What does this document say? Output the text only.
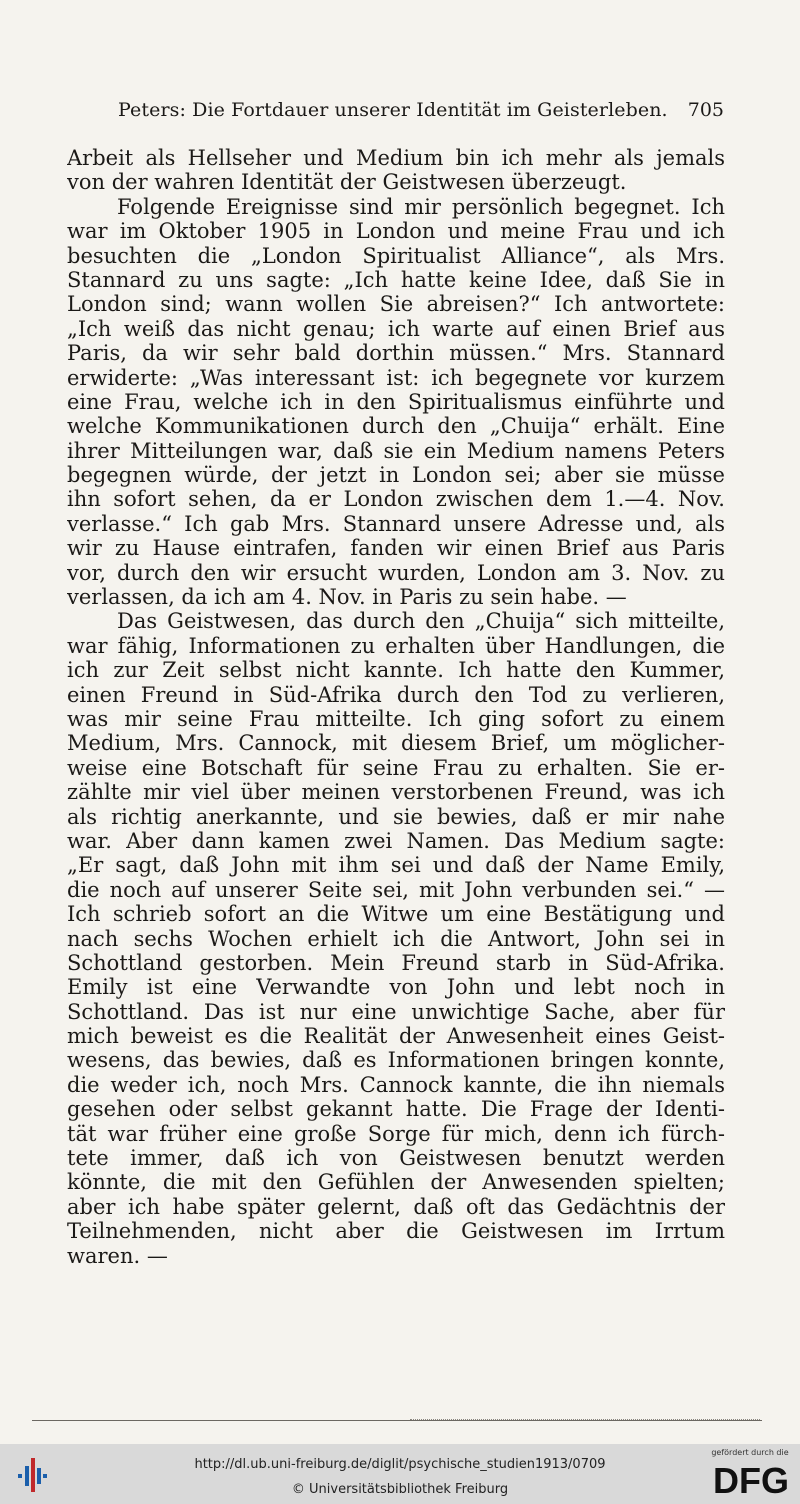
Peters: Die Fortdauer unserer Identität im Geisterleben. 705
Arbeit als Hellseher und Medium bin ich mehr als jemals
von der wahren Identität der Geistwesen überzeugt.
Folgende Ereignisse sind mir persönlich begegnet. Ich
war im Oktober 1905 in London und meine Frau und ich
besuchten die „London Spiritualist Alliance“, als Mrs.
Stannard zu uns sagte: „Ich hatte keine Idee, daß Sie in
London sind; wann wollen Sie abreisen?“ Ich antwortete:
„Ich weiß das nicht genau; ich warte auf einen Brief aus
Paris, da wir sehr bald dorthin müssen.“ Mrs. Stannard
erwiderte: „Was interessant ist: ich begegnete vor kurzem
eine Frau, welche ich in den Spiritualismus einführte und
welche Kommunikationen durch den „Chuija“ erhält. Eine
ihrer Mitteilungen war, daß sie ein Medium namens Peters
begegnen würde, der jetzt in London sei; aber sie müsse
ihn sofort sehen, da er London zwischen dem 1.—4. Nov.
verlasse.“ Ich gab Mrs. Stannard unsere Adresse und, als
wir zu Hause eintrafen, fanden wir einen Brief aus Paris
vor, durch den wir ersucht wurden, London am 3. Nov. zu
verlassen, da ich am 4. Nov. in Paris zu sein habe. —
Das Geistwesen, das durch den „Chuija“ sich mitteilte,
war fähig, Informationen zu erhalten über Handlungen, die
ich zur Zeit selbst nicht kannte. Ich hatte den Kummer,
einen Freund in Süd-Afrika durch den Tod zu verlieren,
was mir seine Frau mitteilte. Ich ging sofort zu einem
Medium, Mrs. Cannock, mit diesem Brief, um möglicher-
weise eine Botschaft für seine Frau zu erhalten. Sie er-
zählte mir viel über meinen verstorbenen Freund, was ich
als richtig anerkannte, und sie bewies, daß er mir nahe
war. Aber dann kamen zwei Namen. Das Medium sagte:
„Er sagt, daß John mit ihm sei und daß der Name Emily,
die noch auf unserer Seite sei, mit John verbunden sei.“ —
Ich schrieb sofort an die Witwe um eine Bestätigung und
nach sechs Wochen erhielt ich die Antwort, John sei in
Schottland gestorben. Mein Freund starb in Süd-Afrika.
Emily ist eine Verwandte von John und lebt noch in
Schottland. Das ist nur eine unwichtige Sache, aber für
mich beweist es die Realität der Anwesenheit eines Geist-
wesens, das bewies, daß es Informationen bringen konnte,
die weder ich, noch Mrs. Cannock kannte, die ihn niemals
gesehen oder selbst gekannt hatte. Die Frage der Identi-
tät war früher eine große Sorge für mich, denn ich fürch-
tete immer, daß ich von Geistwesen benutzt werden
könnte, die mit den Gefühlen der Anwesenden spielten;
aber ich habe später gelernt, daß oft das Gedächtnis der
Teilnehmenden, nicht aber die Geistwesen im Irrtum
waren. —
http://dl.ub.uni-freiburg.de/diglit/psychische_studien1913/0709
© Universitätsbibliothek Freiburg
gefördert durch die
DFG
